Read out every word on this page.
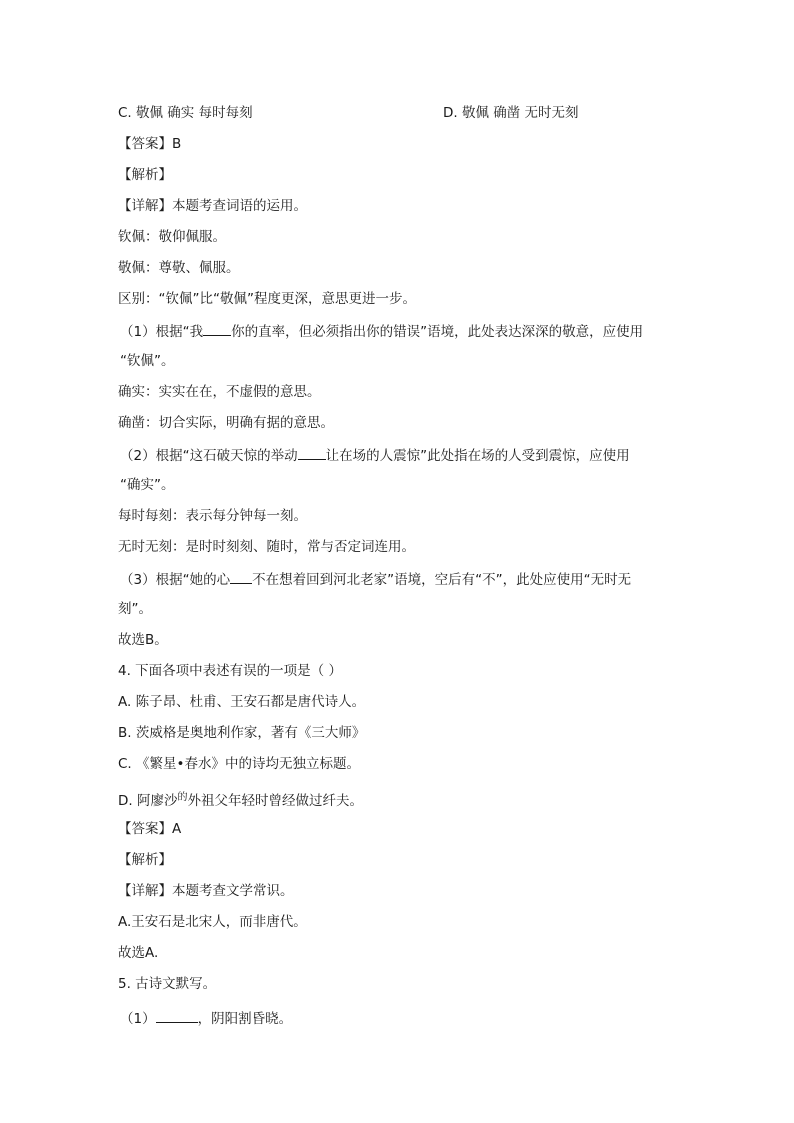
C. 敬佩 确实 每时每刻	D. 敬佩 确凿 无时无刻
【答案】B
【解析】
【详解】本题考查词语的运用。
钦佩：敬仰佩服。
敬佩：尊敬、佩服。
区别：“钦佩”比“敬佩”程度更深，意思更进一步。
（1）根据“我 你的直率，但必须指出你的错误”语境，此处表达深深的敬意，应使用
“钦佩”。
确实：实实在在，不虚假的意思。
确凿：切合实际，明确有据的意思。
（2）根据“这石破天惊的举动 让在场的人震惊”此处指在场的人受到震惊，应使用
“确实”。
每时每刻：表示每分钟每一刻。
无时无刻：是时时刻刻、随时，常与否定词连用。
（3）根据“她的心 不在想着回到河北老家”语境，空后有“不”，此处应使用“无时无
刻”。
故选B。
4. 下面各项中表述有误的一项是（ ）
A. 陈子昂、杜甫、王安石都是唐代诗人。
B. 茨威格是奥地利作家，著有《三大师》
C. 《繁星•春水》中的诗均无独立标题。
D. 阿廖沙$^的$外祖父年轻时曾经做过纤夫。
【答案】A
【解析】
【详解】本题考查文学常识。
A.王安石是北宋人，而非唐代。
故选A.
5. 古诗文默写。
（1）	，阴阳割昏晓。
